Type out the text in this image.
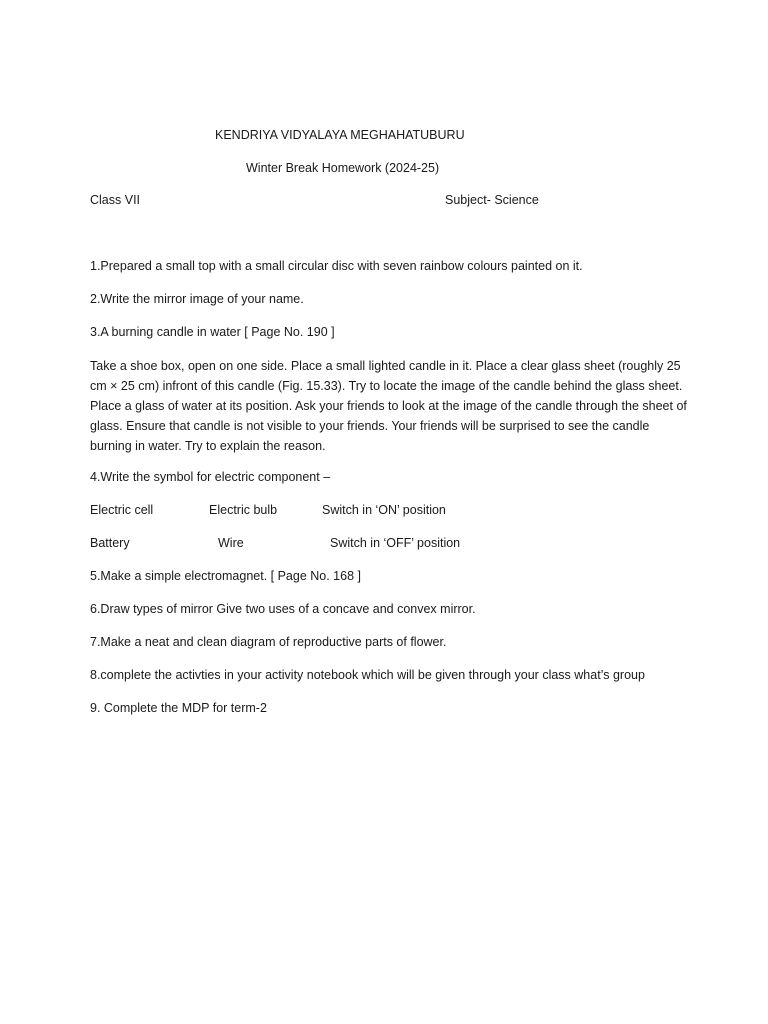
KENDRIYA VIDYALAYA MEGHAHATUBURU
Winter Break Homework (2024-25)
Class VII	Subject- Science
1.Prepared a small top with a small circular disc with seven rainbow colours painted on it.
2.Write the mirror image of your name.
3.A burning candle in water [ Page No. 190 ]
Take a shoe box, open on one side. Place a small lighted candle in it. Place a clear glass sheet (roughly 25 cm × 25 cm) infront of this candle (Fig. 15.33). Try to locate the image of the candle behind the glass sheet. Place a glass of water at its position. Ask your friends to look at the image of the candle through the sheet of glass. Ensure that candle is not visible to your friends. Your friends will be surprised to see the candle burning in water. Try to explain the reason.
4.Write the symbol for electric component –
Electric cell	Electric bulb	Switch in ‘ON’ position
Battery	Wire	Switch in ‘OFF’ position
5.Make a simple electromagnet. [ Page No. 168 ]
6.Draw types of mirror Give two uses of a concave and convex mirror.
7.Make a neat and clean diagram of reproductive parts of flower.
8.complete the activties in your activity notebook which will be given through your class what’s group
9. Complete the MDP for term-2
